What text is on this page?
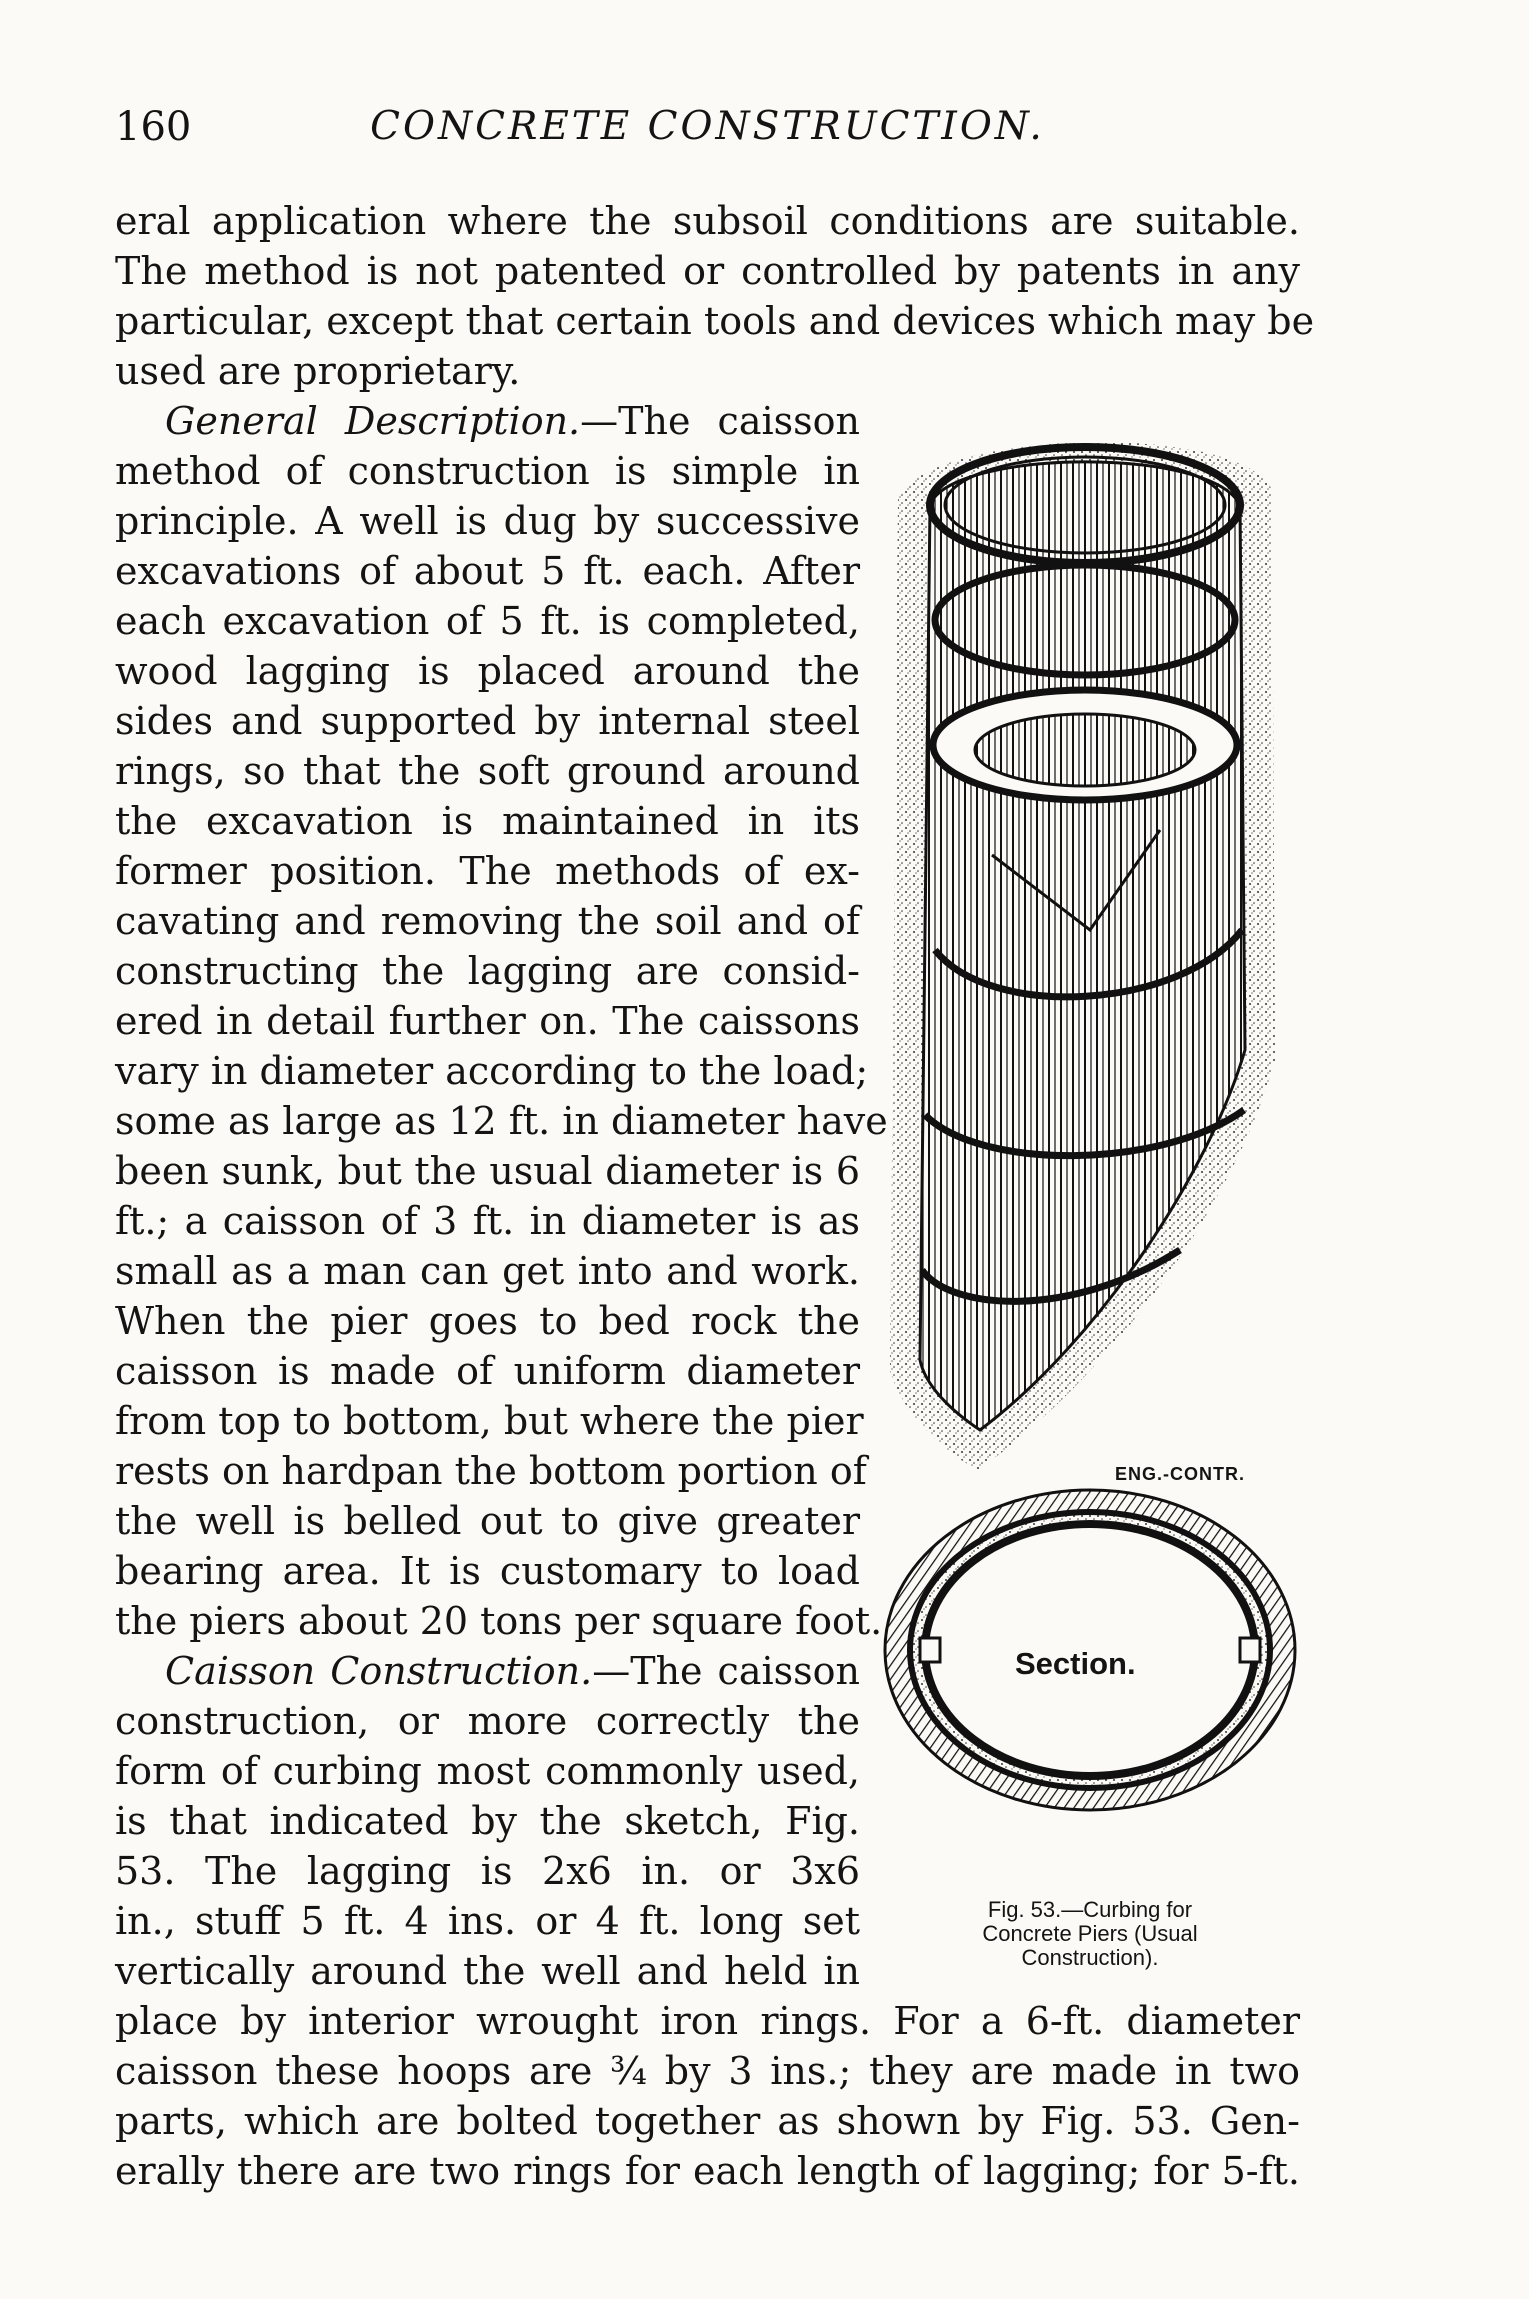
160	CONCRETE CONSTRUCTION.
eral application where the subsoil conditions are suitable.
The method is not patented or controlled by patents in any
particular, except that certain tools and devices which may be
used are proprietary.
General Description.—The caisson
method of construction is simple in
principle. A well is dug by successive
excavations of about 5 ft. each. After
each excavation of 5 ft. is completed,
wood lagging is placed around the
sides and supported by internal steel
rings, so that the soft ground around
the excavation is maintained in its
former position. The methods of ex-
cavating and removing the soil and of
constructing the lagging are consid-
ered in detail further on. The caissons
vary in diameter according to the load;
some as large as 12 ft. in diameter have
been sunk, but the usual diameter is 6
ft.; a caisson of 3 ft. in diameter is as
small as a man can get into and work.
When the pier goes to bed rock the
caisson is made of uniform diameter
from top to bottom, but where the pier
rests on hardpan the bottom portion of
the well is belled out to give greater
bearing area. It is customary to load
the piers about 20 tons per square foot.
Caisson Construction.—The caisson
construction, or more correctly the
form of curbing most commonly used,
is that indicated by the sketch, Fig.
53. The lagging is 2x6 in. or 3x6
in., stuff 5 ft. 4 ins. or 4 ft. long set
vertically around the well and held in
place by interior wrought iron rings. For a 6-ft. diameter
caisson these hoops are ¾ by 3 ins.; they are made in two
parts, which are bolted together as shown by Fig. 53. Gen-
erally there are two rings for each length of lagging; for 5-ft.
ENG.-CONTR.
Section.
Fig. 53.—Curbing for
Concrete Piers (Usual
Construction).
